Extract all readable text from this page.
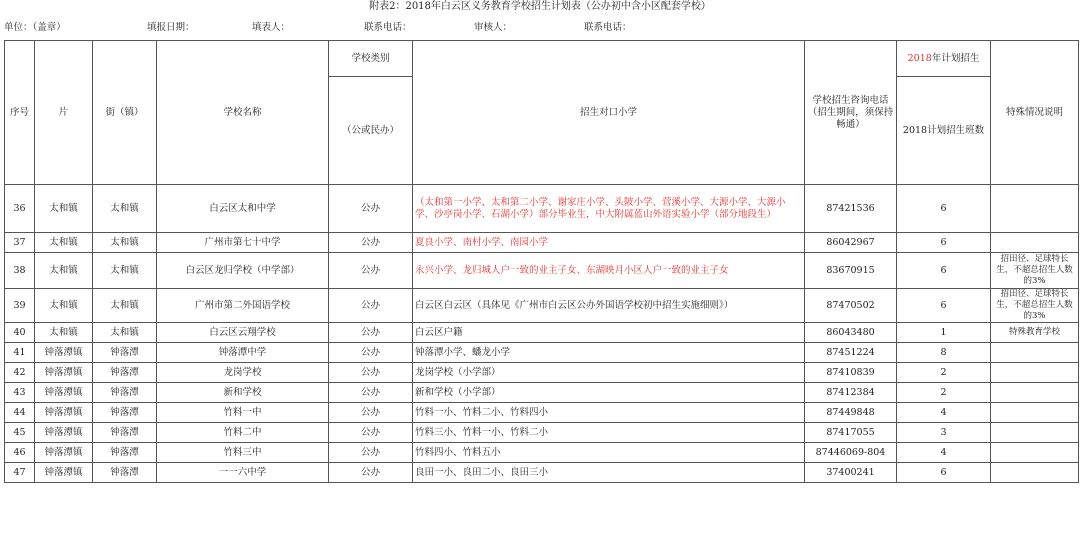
附表2：2018年白云区义务教育学校招生计划表（公办初中含小区配套学校）
单位：（盖章）	填报日期：	填表人：	联系电话：	审核人：	联系电话：
序号	片	街（镇）	学校名称	学校类别	招生对口小学	学校招生咨询电话（招生期间，须保持畅通）	2018年计划招生	特殊情况说明
				（公或民办）			2018计划招生班数	
36	太和镇	太和镇	白云区太和中学	公办	（太和第一小学、太和第二小学、谢家庄小学、头陂小学、营溪小学、大源小学、大源小学、沙亭岗小学、石湖小学）部分毕业生，中大附属蓝山外语实验小学（部分地段生）	87421536	6	
37	太和镇	太和镇	广州市第七十中学	公办	夏良小学、南村小学、南园小学	86042967	6	
38	太和镇	太和镇	白云区龙归学校（中学部）	公办	永兴小学、龙归城人户一致的业主子女、东湖映月小区人户一致的业主子女	83670915	6	招田径、足球特长生，不超总招生人数的3%
39	太和镇	太和镇	广州市第二外国语学校	公办	白云区白云区（具体见《广州市白云区公办外国语学校初中招生实施细则》）	87470502	6	招田径、足球特长生，不超总招生人数的3%
40	太和镇	太和镇	白云区云翔学校	公办	白云区户籍	86043480	1	特殊教育学校
41	钟落潭镇	钟落潭	钟落潭中学	公办	钟落潭小学、蟠龙小学	87451224	8	
42	钟落潭镇	钟落潭	龙岗学校	公办	龙岗学校（小学部）	87410839	2	
43	钟落潭镇	钟落潭	新和学校	公办	新和学校（小学部）	87412384	2	
44	钟落潭镇	钟落潭	竹料一中	公办	竹料一小、竹料二小、竹料四小	87449848	4	
45	钟落潭镇	钟落潭	竹料二中	公办	竹料三小、竹料一小、竹料二小	87417055	3	
46	钟落潭镇	钟落潭	竹料三中	公办	竹料四小、竹料五小	87446069-804	4	
47	钟落潭镇	钟落潭	一一六中学	公办	良田一小、良田二小、良田三小	37400241	6	
